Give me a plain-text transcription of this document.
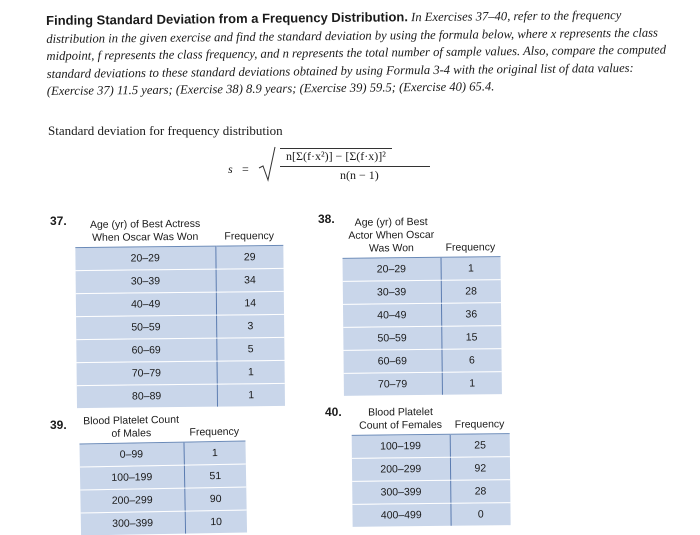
Finding Standard Deviation from a Frequency Distribution. In Exercises 37–40, refer to the frequency distribution in the given exercise and find the standard deviation by using the formula below, where x represents the class midpoint, f represents the class frequency, and n represents the total number of sample values. Also, compare the computed standard deviations to these standard deviations obtained by using Formula 3-4 with the original list of data values: (Exercise 37) 11.5 years; (Exercise 38) 8.9 years; (Exercise 39) 59.5; (Exercise 40) 65.4.
Standard deviation for frequency distribution
s =
n[Σ(f·x²)] − [Σ(f·x)]²
n(n − 1)
37. Age (yr) of Best Actress When Oscar Was Won	Frequency
20–29	29
30–39	34
40–49	14
50–59	3
60–69	5
70–79	1
80–89	1
38. Age (yr) of Best Actor When Oscar Was Won	Frequency
20–29	1
30–39	28
40–49	36
50–59	15
60–69	6
70–79	1
39. Blood Platelet Count of Males	Frequency
0–99	1
100–199	51
200–299	90
300–399	10
40.	Blood Platelet Count of Females	Frequency
100–199	25
200–299	92
300–399	28
400–499	0
